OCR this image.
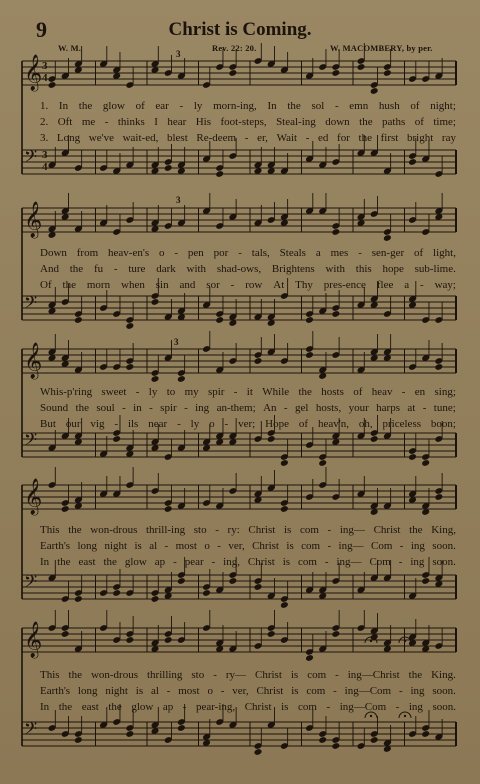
9	Christ is Coming.
W. M.	Rev. 22: 20.	W. MACOMBERY, by per.
𝄞
𝄢
𝄞
𝄢
𝄞
𝄢
𝄞
𝄢
𝄞
𝄢
3
3
4
4
3
3
3
3
1. In the glow of ear - ly morn-ing, In the sol - emn hush of night;
2. Oft me - thinks I hear His foot-steps, Steal-ing down the paths of time;
3. Long we've wait-ed, blest Re-deem - er, Wait - ed for the first bright ray
Down from heav-en's o - pen por - tals, Steals a mes - sen-ger of light,
And the fu - ture dark with shad-ows, Brightens with this hope sub-lime.
Of the morn when sin and sor - row At Thy pres-ence flee a - way;
Whis-p'ring sweet - ly to my spir - it While the hosts of heav - en sing;
Sound the soul - in - spir - ing an-them; An - gel hosts, your harps at - tune;
But our vig - ils near - ly o - ver; Hope of heav'n, oh, priceless boon;
This the won-drous thrill-ing sto - ry: Christ is com - ing— Christ the King,
Earth's long night is al - most o - ver, Christ is com - ing— Com - ing soon.
In the east the glow ap - pear - ing, Christ is com - ing— Com - ing soon.
This the won-drous thrilling sto - ry— Christ is com - ing—Christ the King.
Earth's long night is al - most o - ver, Christ is com - ing—Com - ing soon.
In the east the glow ap - pear-ing, Christ is com - ing—Com - ing soon.
